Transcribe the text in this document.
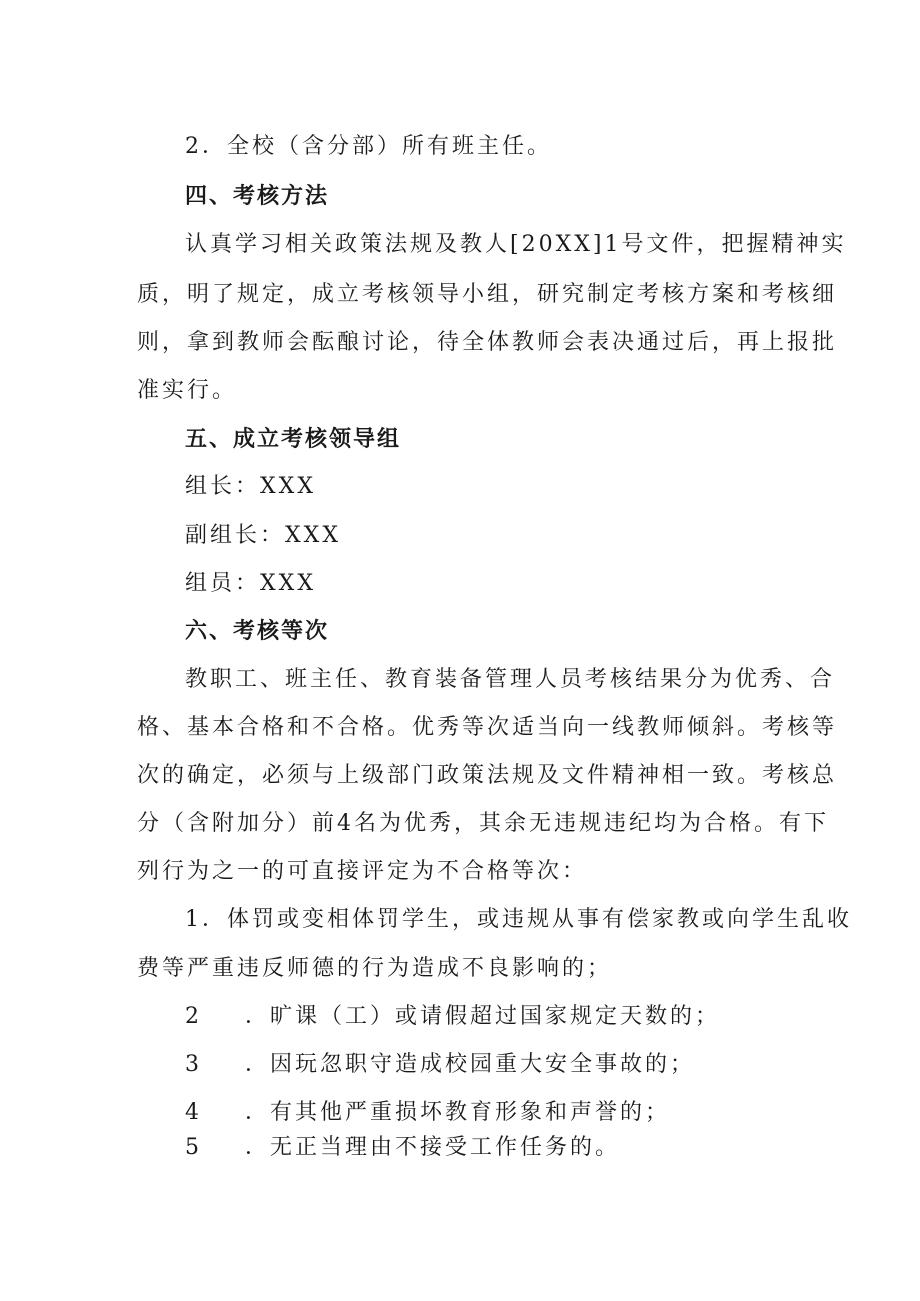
2．全校（含分部）所有班主任。
四、考核方法
认真学习相关政策法规及教人[20XX]1号文件，把握精神实
质，明了规定，成立考核领导小组，研究制定考核方案和考核细
则，拿到教师会酝酿讨论，待全体教师会表决通过后，再上报批
准实行。
五、成立考核领导组
组长：XXX
副组长：XXX
组员：XXX
六、考核等次
教职工、班主任、教育装备管理人员考核结果分为优秀、合
格、基本合格和不合格。优秀等次适当向一线教师倾斜。考核等
次的确定，必须与上级部门政策法规及文件精神相一致。考核总
分（含附加分）前4名为优秀，其余无违规违纪均为合格。有下
列行为之一的可直接评定为不合格等次：
1．体罚或变相体罚学生，或违规从事有偿家教或向学生乱收
费等严重违反师德的行为造成不良影响的；
2 ．旷课（工）或请假超过国家规定天数的；
3 ．因玩忽职守造成校园重大安全事故的；
4 ．有其他严重损坏教育形象和声誉的；
5 ．无正当理由不接受工作任务的。
